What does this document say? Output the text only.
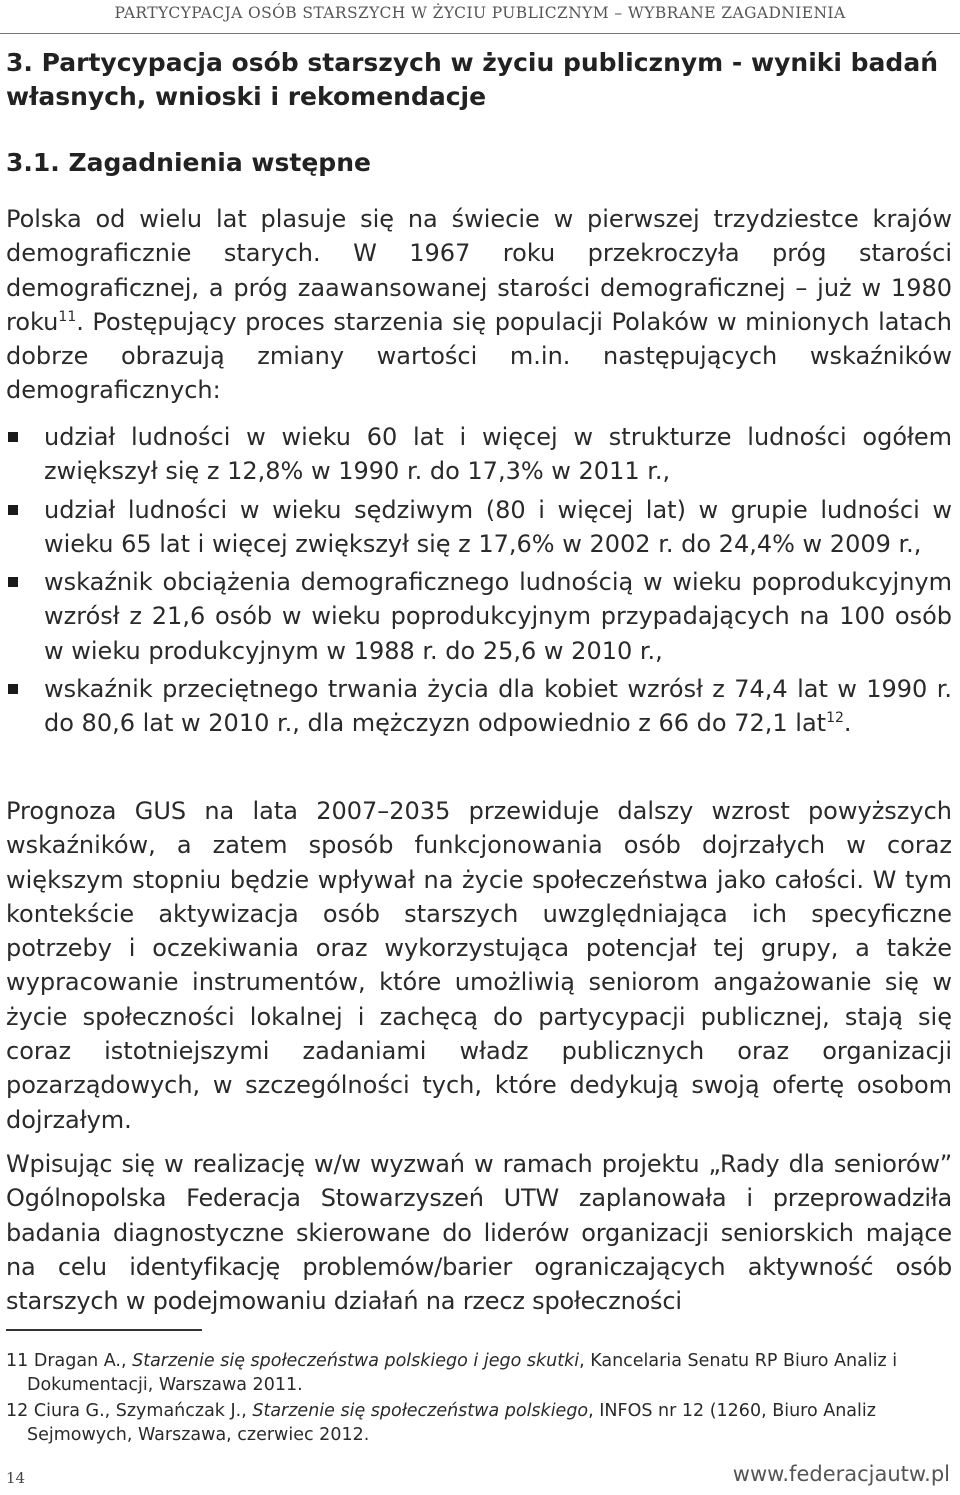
PARTYCYPACJA OSÓB STARSZYCH W ŻYCIU PUBLICZNYM – WYBRANE ZAGADNIENIA
3. Partycypacja osób starszych w życiu publicznym - wyniki badań własnych, wnioski i rekomendacje
3.1. Zagadnienia wstępne
Polska od wielu lat plasuje się na świecie w pierwszej trzydziestce krajów demograficznie starych. W 1967 roku przekroczyła próg starości demograficznej, a próg zaawansowanej starości demograficznej – już w 1980 roku$^{11}$. Postępujący proces starzenia się populacji Polaków w minionych latach dobrze obrazują zmiany wartości m.in. następujących wskaźników demograficznych:
udział ludności w wieku 60 lat i więcej w strukturze ludności ogółem zwiększył się z 12,8% w 1990 r. do 17,3% w 2011 r.,
udział ludności w wieku sędziwym (80 i więcej lat) w grupie ludności w wieku 65 lat i więcej zwiększył się z 17,6% w 2002 r. do 24,4% w 2009 r.,
wskaźnik obciążenia demograficznego ludnością w wieku poprodukcyjnym wzrósł z 21,6 osób w wieku poprodukcyjnym przypadających na 100 osób w wieku produkcyjnym w 1988 r. do 25,6 w 2010 r.,
wskaźnik przeciętnego trwania życia dla kobiet wzrósł z 74,4 lat w 1990 r. do 80,6 lat w 2010 r., dla mężczyzn odpowiednio z 66 do 72,1 lat$^{12}$.
Prognoza GUS na lata 2007–2035 przewiduje dalszy wzrost powyższych wskaźników, a zatem sposób funkcjonowania osób dojrzałych w coraz większym stopniu będzie wpływał na życie społeczeństwa jako całości. W tym kontekście aktywizacja osób starszych uwzględniająca ich specyficzne potrzeby i oczekiwania oraz wykorzystująca potencjał tej grupy, a także wypracowanie instrumentów, które umożliwią seniorom angażowanie się w życie społeczności lokalnej i zachęcą do partycypacji publicznej, stają się coraz istotniejszymi zadaniami władz publicznych oraz organizacji pozarządowych, w szczególności tych, które dedykują swoją ofertę osobom dojrzałym.
Wpisując się w realizację w/w wyzwań w ramach projektu „Rady dla seniorów” Ogólnopolska Federacja Stowarzyszeń UTW zaplanowała i przeprowadziła badania diagnostyczne skierowane do liderów organizacji seniorskich mające na celu identyfikację problemów/barier ograniczających aktywność osób starszych w podejmowaniu działań na rzecz społeczności
11 Dragan A., Starzenie się społeczeństwa polskiego i jego skutki, Kancelaria Senatu RP Biuro Analiz i Dokumentacji, Warszawa 2011.
12 Ciura G., Szymańczak J., Starzenie się społeczeństwa polskiego, INFOS nr 12 (1260, Biuro Analiz Sejmowych, Warszawa, czerwiec 2012.
14	www.federacjautw.pl
